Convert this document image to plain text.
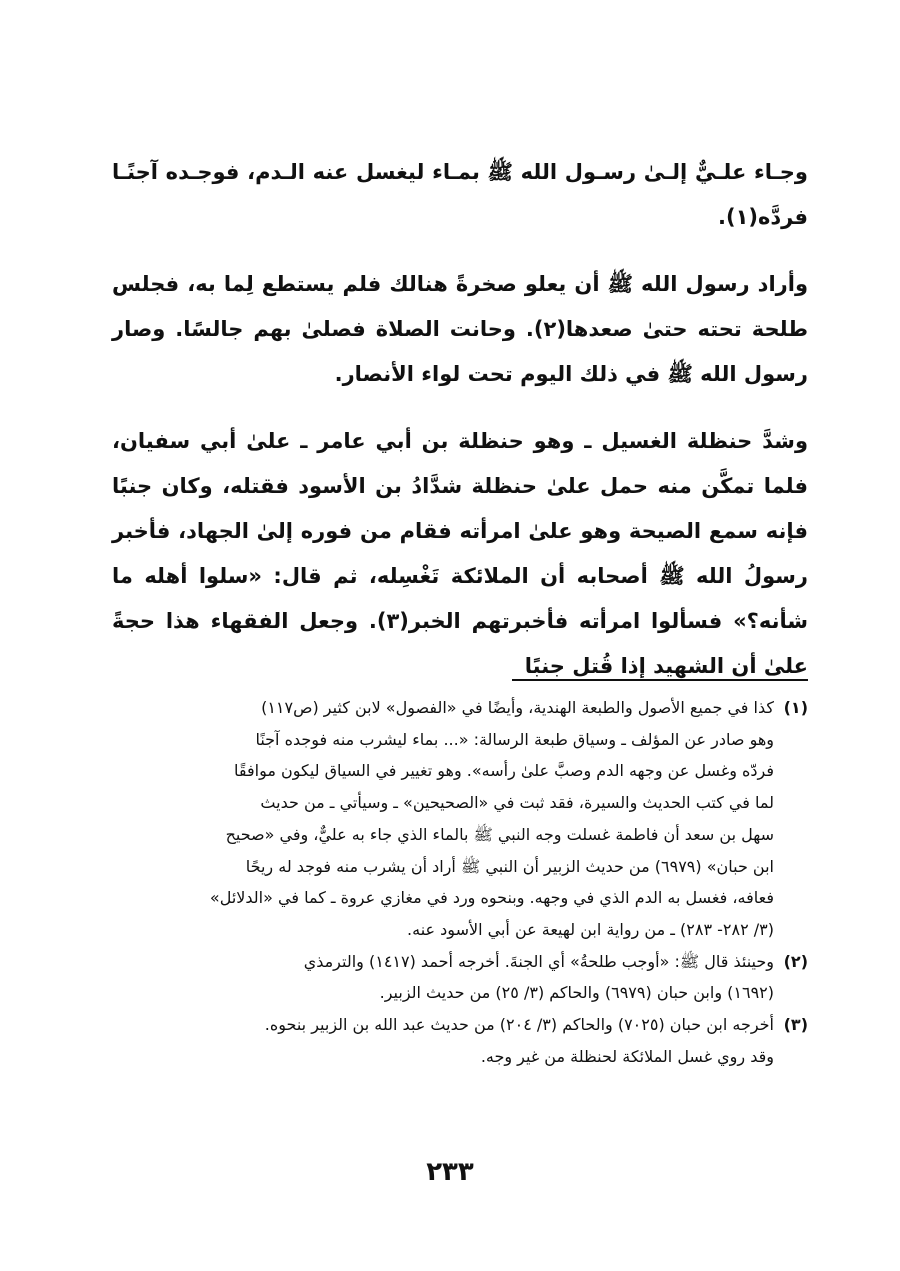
وجـاء علـيٌّ إلـىٰ رسـول الله ﷺ بمـاء ليغسل عنه الـدم، فوجـده آجنًـا فردَّه(١).

وأراد رسول الله ﷺ أن يعلو صخرةً هنالك فلم يستطع لِما به، فجلس طلحة تحته حتىٰ صعدها(٢). وحانت الصلاة فصلىٰ بهم جالسًا. وصار رسول الله ﷺ في ذلك اليوم تحت لواء الأنصار.

وشدَّ حنظلة الغسيل ـ وهو حنظلة بن أبي عامر ـ علىٰ أبي سفيان، فلما تمكَّن منه حمل علىٰ حنظلة شدَّادُ بن الأسود فقتله، وكان جنبًا فإنه سمع الصيحة وهو علىٰ امرأته فقام من فوره إلىٰ الجهاد، فأخبر رسولُ الله ﷺ أصحابه أن الملائكة تَغْسِله، ثم قال: «سلوا أهله ما شأنه؟» فسألوا امرأته فأخبرتهم الخبر(٣). وجعل الفقهاء هذا حجةً علىٰ أن الشهيد إذا قُتل جنبًا

(١)
كذا في جميع الأصول والطبعة الهندية، وأيضًا في «الفصول» لابن كثير (ص١١٧)
وهو صادر عن المؤلف ـ وسياق طبعة الرسالة: «... بماء ليشرب منه فوجده آجنًا
فردّه وغسل عن وجهه الدم وصبَّ علىٰ رأسه». وهو تغيير في السياق ليكون موافقًا
لما في كتب الحديث والسيرة، فقد ثبت في «الصحيحين» ـ وسيأتي ـ من حديث
سهل بن سعد أن فاطمة غسلت وجه النبي ﷺ بالماء الذي جاء به عليٌّ، وفي «صحيح
ابن حبان» (٦٩٧٩) من حديث الزبير أن النبي ﷺ أراد أن يشرب منه فوجد له ريحًا
فعافه، فغسل به الدم الذي في وجهه. وبنحوه ورد في مغازي عروة ـ كما في «الدلائل»
(٣/ ٢٨٢- ٢٨٣) ـ من رواية ابن لهيعة عن أبي الأسود عنه.
(٢)
وحينئذ قال ﷺ: «أوجب طلحةُ» أي الجنةَ. أخرجه أحمد (١٤١٧) والترمذي
(١٦٩٢) وابن حبان (٦٩٧٩) والحاكم (٣/ ٢٥) من حديث الزبير.
(٣)
أخرجه ابن حبان (٧٠٢٥) والحاكم (٣/ ٢٠٤) من حديث عبد الله بن الزبير بنحوه.
وقد روي غسل الملائكة لحنظلة من غير وجه.
٢٣٣
